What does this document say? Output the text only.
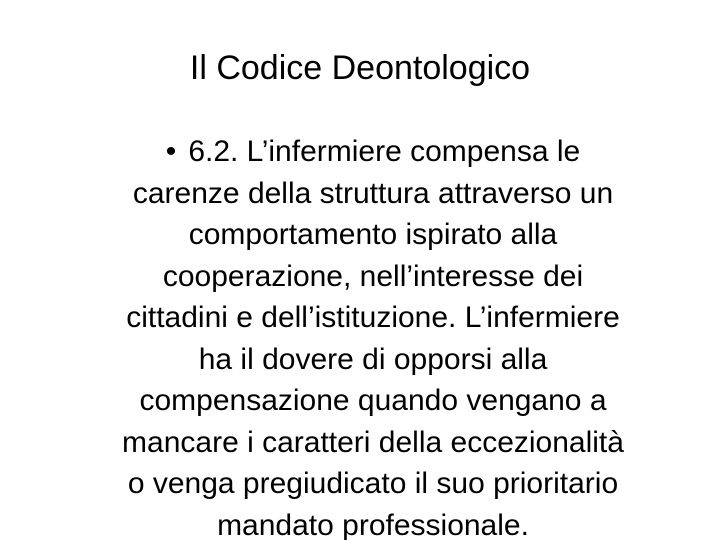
Il Codice Deontologico
• 6.2. L’infermiere compensa le
carenze della struttura attraverso un
comportamento ispirato alla
cooperazione, nell’interesse dei
cittadini e dell’istituzione. L’infermiere
ha il dovere di opporsi alla
compensazione quando vengano a
mancare i caratteri della eccezionalità
o venga pregiudicato il suo prioritario
mandato professionale.
